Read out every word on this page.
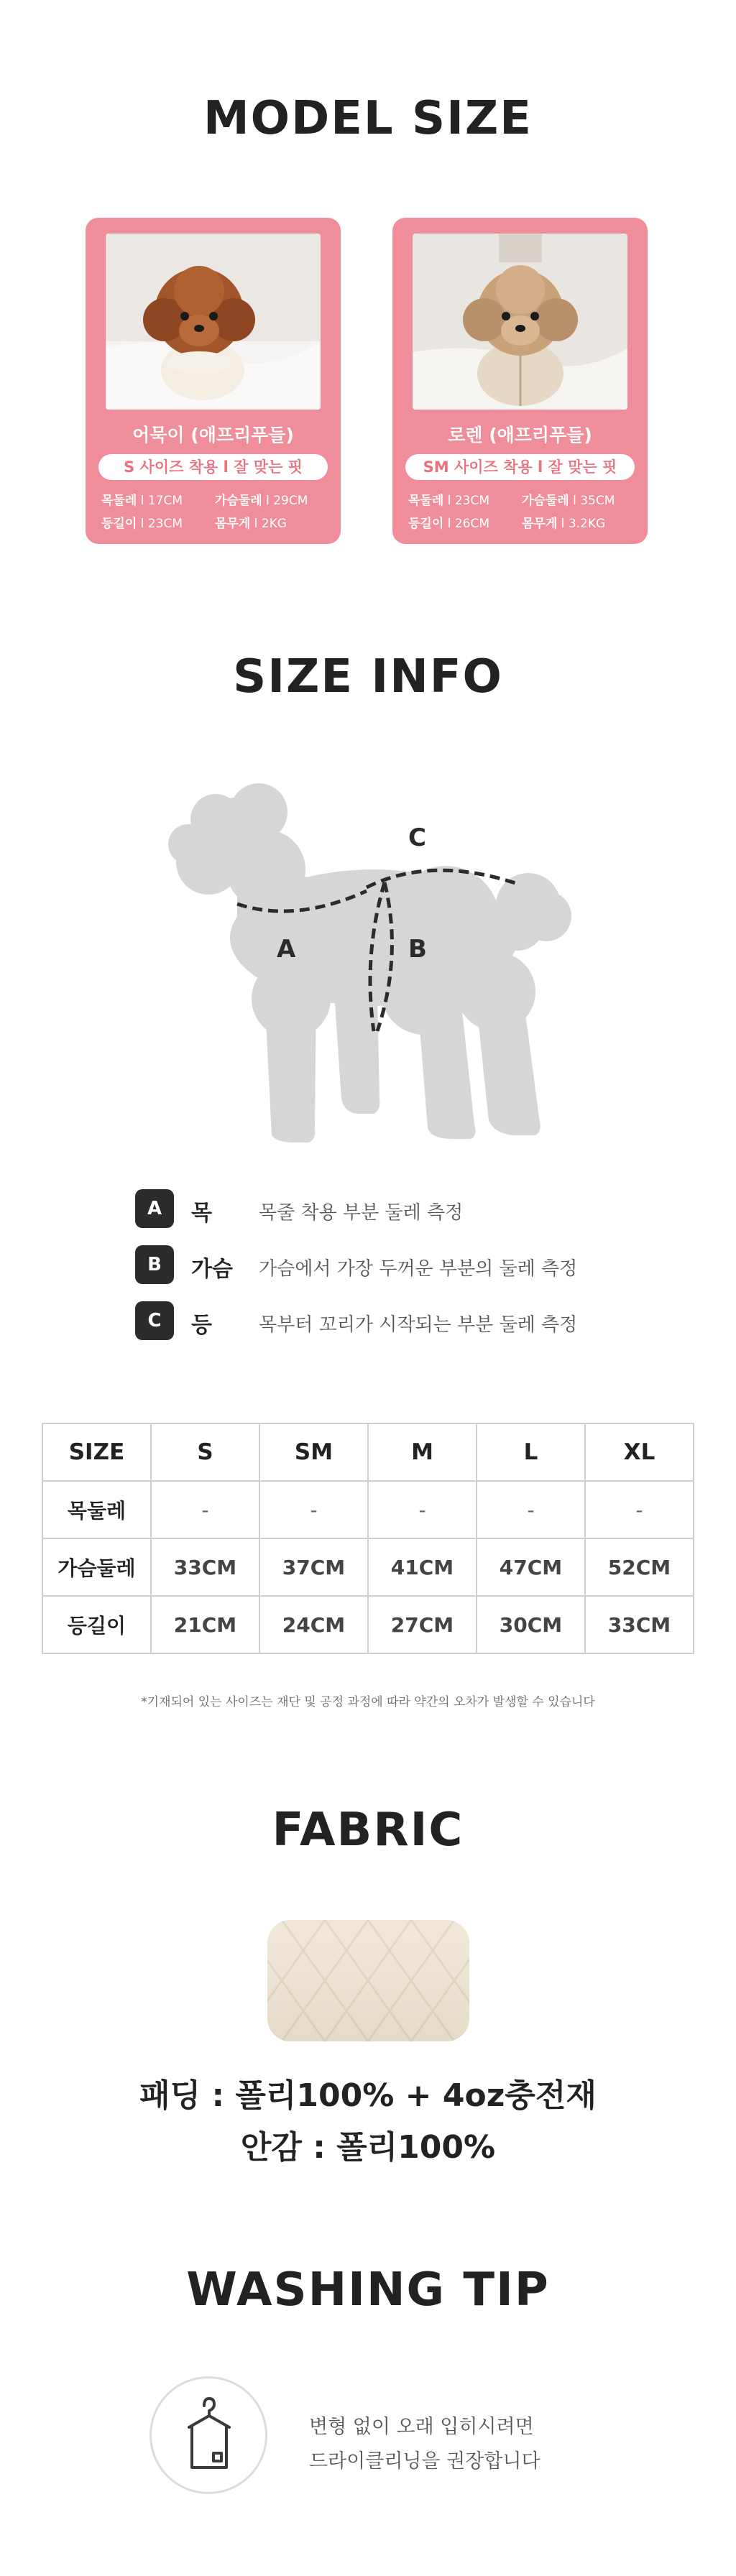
MODEL SIZE
어묵이 (애프리푸들)
S 사이즈 착용 l 잘 맞는 핏
목둘레 l 17CM	가슴둘레 l 29CM
등길이 l 23CM	몸무게 l 2KG
로렌 (애프리푸들)
SM 사이즈 착용 l 잘 맞는 핏
목둘레 l 23CM	가슴둘레 l 35CM
등길이 l 26CM	몸무게 l 3.2KG
SIZE INFO
A	B
C
A	목	목줄 착용 부분 둘레 측정
B	가슴 가슴에서 가장 두꺼운 부분의 둘레 측정
C	등	목부터 꼬리가 시작되는 부분 둘레 측정
SIZE	S	SM	M	L	XL
목둘레	-	-	-	-	-
가슴둘레	33CM	37CM	41CM	47CM	52CM
등길이	21CM	24CM	27CM	30CM	33CM
*기재되어 있는 사이즈는 재단 및 공정 과정에 따라 약간의 오차가 발생할 수 있습니다
FABRIC
패딩 : 폴리100% + 4oz충전재
안감 : 폴리100%
WASHING TIP
변형 없이 오래 입히시려면
드라이클리닝을 권장합니다
